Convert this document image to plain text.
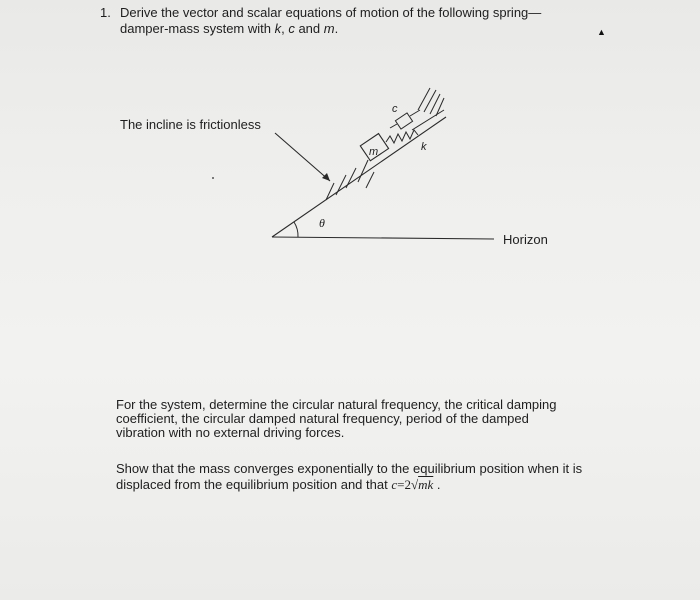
1. Derive the vector and scalar equations of motion of the following spring—
damper-mass system with k, c and m.	▲
The incline is frictionless
c
k
m
θ
Horizon
For the system, determine the circular natural frequency, the critical damping
coefficient, the circular damped natural frequency, period of the damped
vibration with no external driving forces.
Show that the mass converges exponentially to the equilibrium position when it is
displaced from the equilibrium position and that c=2√mk .
